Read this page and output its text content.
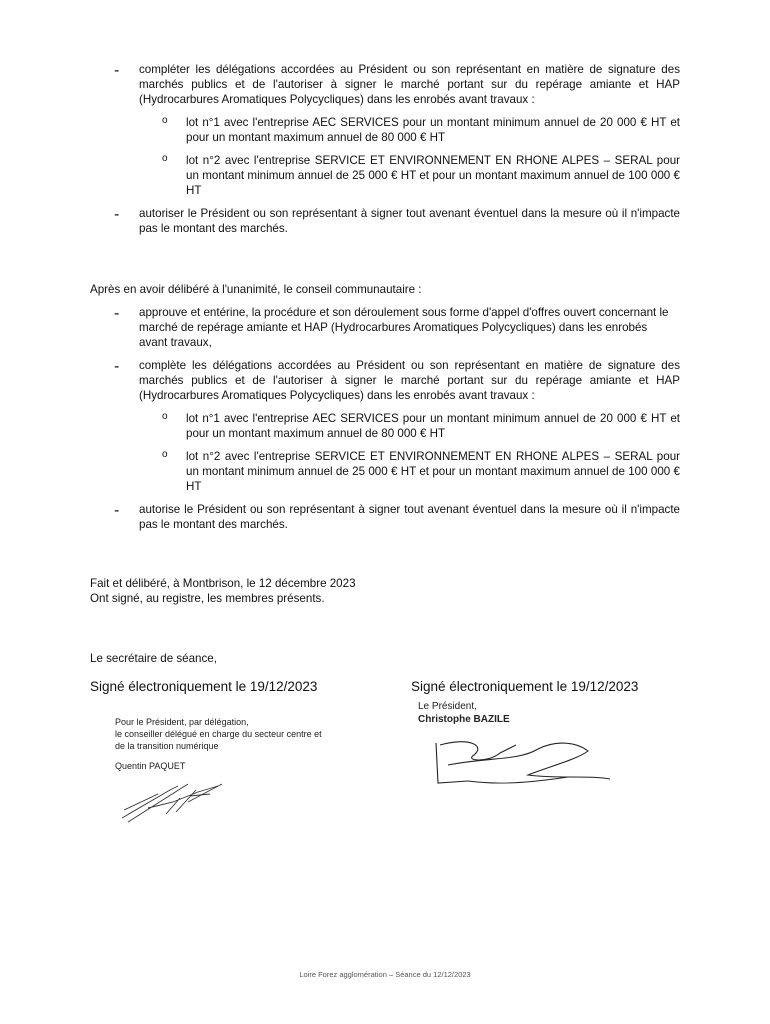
- compléter les délégations accordées au Président ou son représentant en matière de signature des marchés publics et de l'autoriser à signer le marché portant sur du repérage amiante et HAP (Hydrocarbures Aromatiques Polycycliques) dans les enrobés avant travaux :

o lot n°1 avec l'entreprise AEC SERVICES pour un montant minimum annuel de 20 000 € HT et pour un montant maximum annuel de 80 000 € HT

o lot n°2 avec l'entreprise SERVICE ET ENVIRONNEMENT EN RHONE ALPES – SERAL pour un montant minimum annuel de 25 000 € HT et pour un montant maximum annuel de 100 000 € HT

- autoriser le Président ou son représentant à signer tout avenant éventuel dans la mesure où il n'impacte pas le montant des marchés.

Après en avoir délibéré à l'unanimité, le conseil communautaire :

- approuve et entérine, la procédure et son déroulement sous forme d'appel d'offres ouvert concernant le marché de repérage amiante et HAP (Hydrocarbures Aromatiques Polycycliques) dans les enrobés avant travaux,

- complète les délégations accordées au Président ou son représentant en matière de signature des marchés publics et de l'autoriser à signer le marché portant sur du repérage amiante et HAP (Hydrocarbures Aromatiques Polycycliques) dans les enrobés avant travaux :

o lot n°1 avec l'entreprise AEC SERVICES pour un montant minimum annuel de 20 000 € HT et pour un montant maximum annuel de 80 000 € HT

o lot n°2 avec l'entreprise SERVICE ET ENVIRONNEMENT EN RHONE ALPES – SERAL pour un montant minimum annuel de 25 000 € HT et pour un montant maximum annuel de 100 000 € HT

- autorise le Président ou son représentant à signer tout avenant éventuel dans la mesure où il n'impacte pas le montant des marchés.

Fait et délibéré, à Montbrison, le 12 décembre 2023

Ont signé, au registre, les membres présents.

Le secrétaire de séance,

Signé électroniquement le 19/12/2023
Pour le Président, par délégation,
le conseiller délégué en charge du secteur centre et
de la transition numérique
Quentin PAQUET
Signé électroniquement le 19/12/2023
Le Président,
Christophe BAZILE
Loire Forez agglomération – Séance du 12/12/2023
